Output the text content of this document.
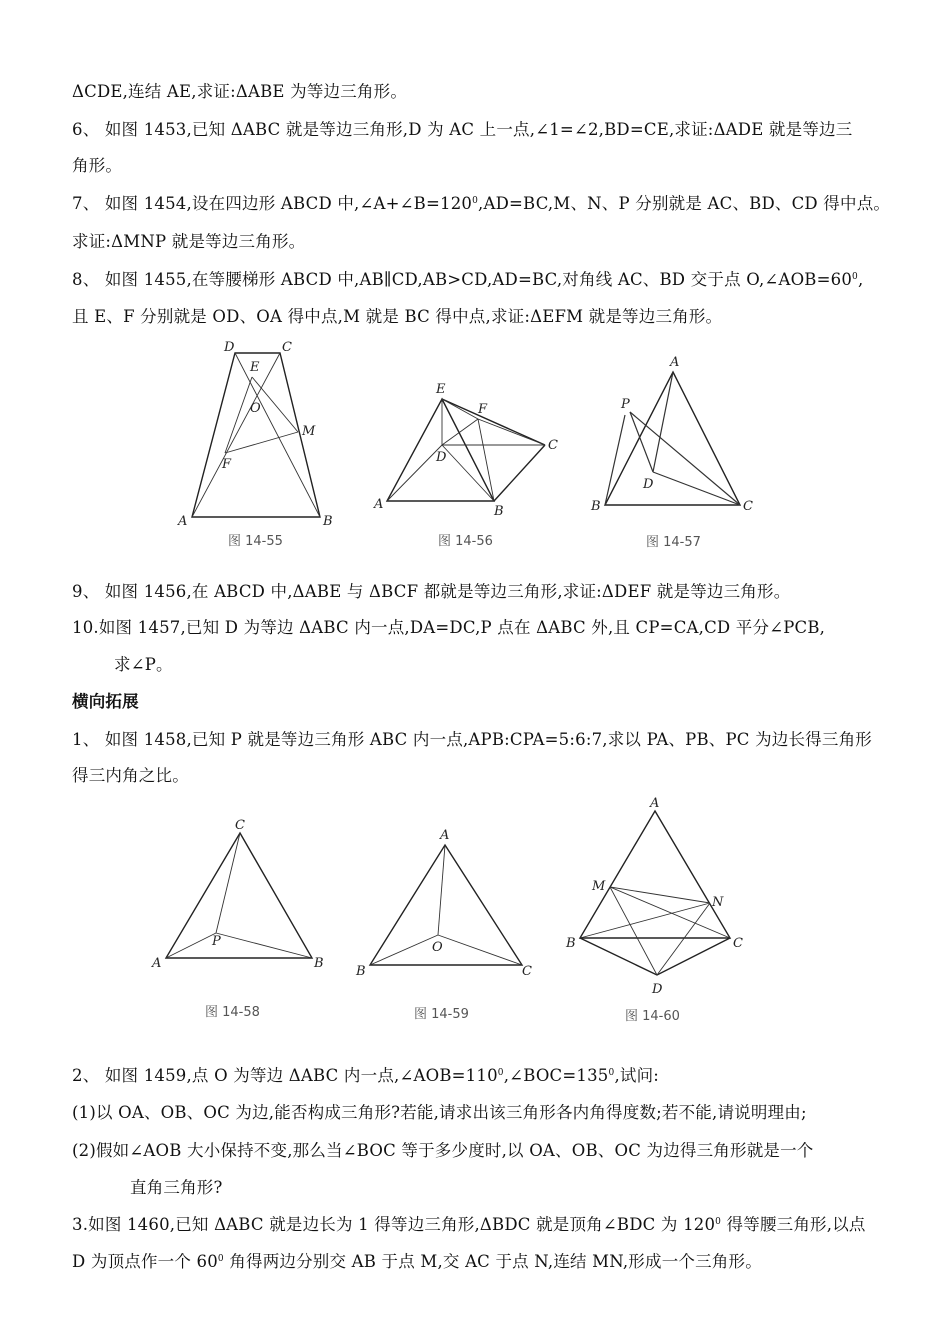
ΔCDE,连结 AE,求证:ΔABE 为等边三角形。
6、 如图 1453,已知 ΔABC 就是等边三角形,D 为 AC 上一点,∠1=∠2,BD=CE,求证:ΔADE 就是等边三
角形。
7、 如图 1454,设在四边形 ABCD 中$,\angle A+\angle B=120^0,AD=BC,M$、N、P 分别就是 AC、BD、CD 得中点。
求证:ΔMNP 就是等边三角形。
8、 如图 1455,在等腰梯形 ABCD 中,AB∥CD,AB>CD,AD=BC,对角线 AC、BD 交于点 $O,\angle AOB=60^0$,
且 E、F 分别就是 OD、OA 得中点,M 就是 BC 得中点,求证:ΔEFM 就是等边三角形。
9、 如图 1456,在 ABCD 中,ΔABE 与 ΔBCF 都就是等边三角形,求证:ΔDEF 就是等边三角形。
10.如图 1457,已知 D 为等边 ΔABC 内一点,DA=DC,P 点在 ΔABC 外,且 CP=CA,CD 平分∠PCB,
求∠P。
横向拓展
1、 如图 1458,已知 P 就是等边三角形 ABC 内一点,APB:CPA=5:6:7,求以 PA、PB、PC 为边长得三角形
得三内角之比。
2、 如图 1459,点 O 为等边 ΔABC 内一点$,\angle AOB=110^0,\angle BOC=135^0$,试问:
(1)以 OA、OB、OC 为边,能否构成三角形?若能,请求出该三角形各内角得度数;若不能,请说明理由;
(2)假如∠AOB 大小保持不变,那么当∠BOC 等于多少度时,以 OA、OB、OC 为边得三角形就是一个
直角三角形?
3.如图 1460,已知 ΔABC 就是边长为 1 得等边三角形,ΔBDC 就是顶角∠BDC 为 $120^0$ 得等腰三角形,以点
D 为顶点作一个 $60^0$ 角得两边分别交 AB 于点 M,交 AC 于点 N,连结 MN,形成一个三角形。
D	C
E
O
M
F
A	B
图 14-55
E
F
C
D
A	B
图 14-56
A
P
D
B	C
图 14-57
C
P
A	B
图 14-58
A
O
B	C
图 14-59
A
M
N
B	C
D
图 14-60
